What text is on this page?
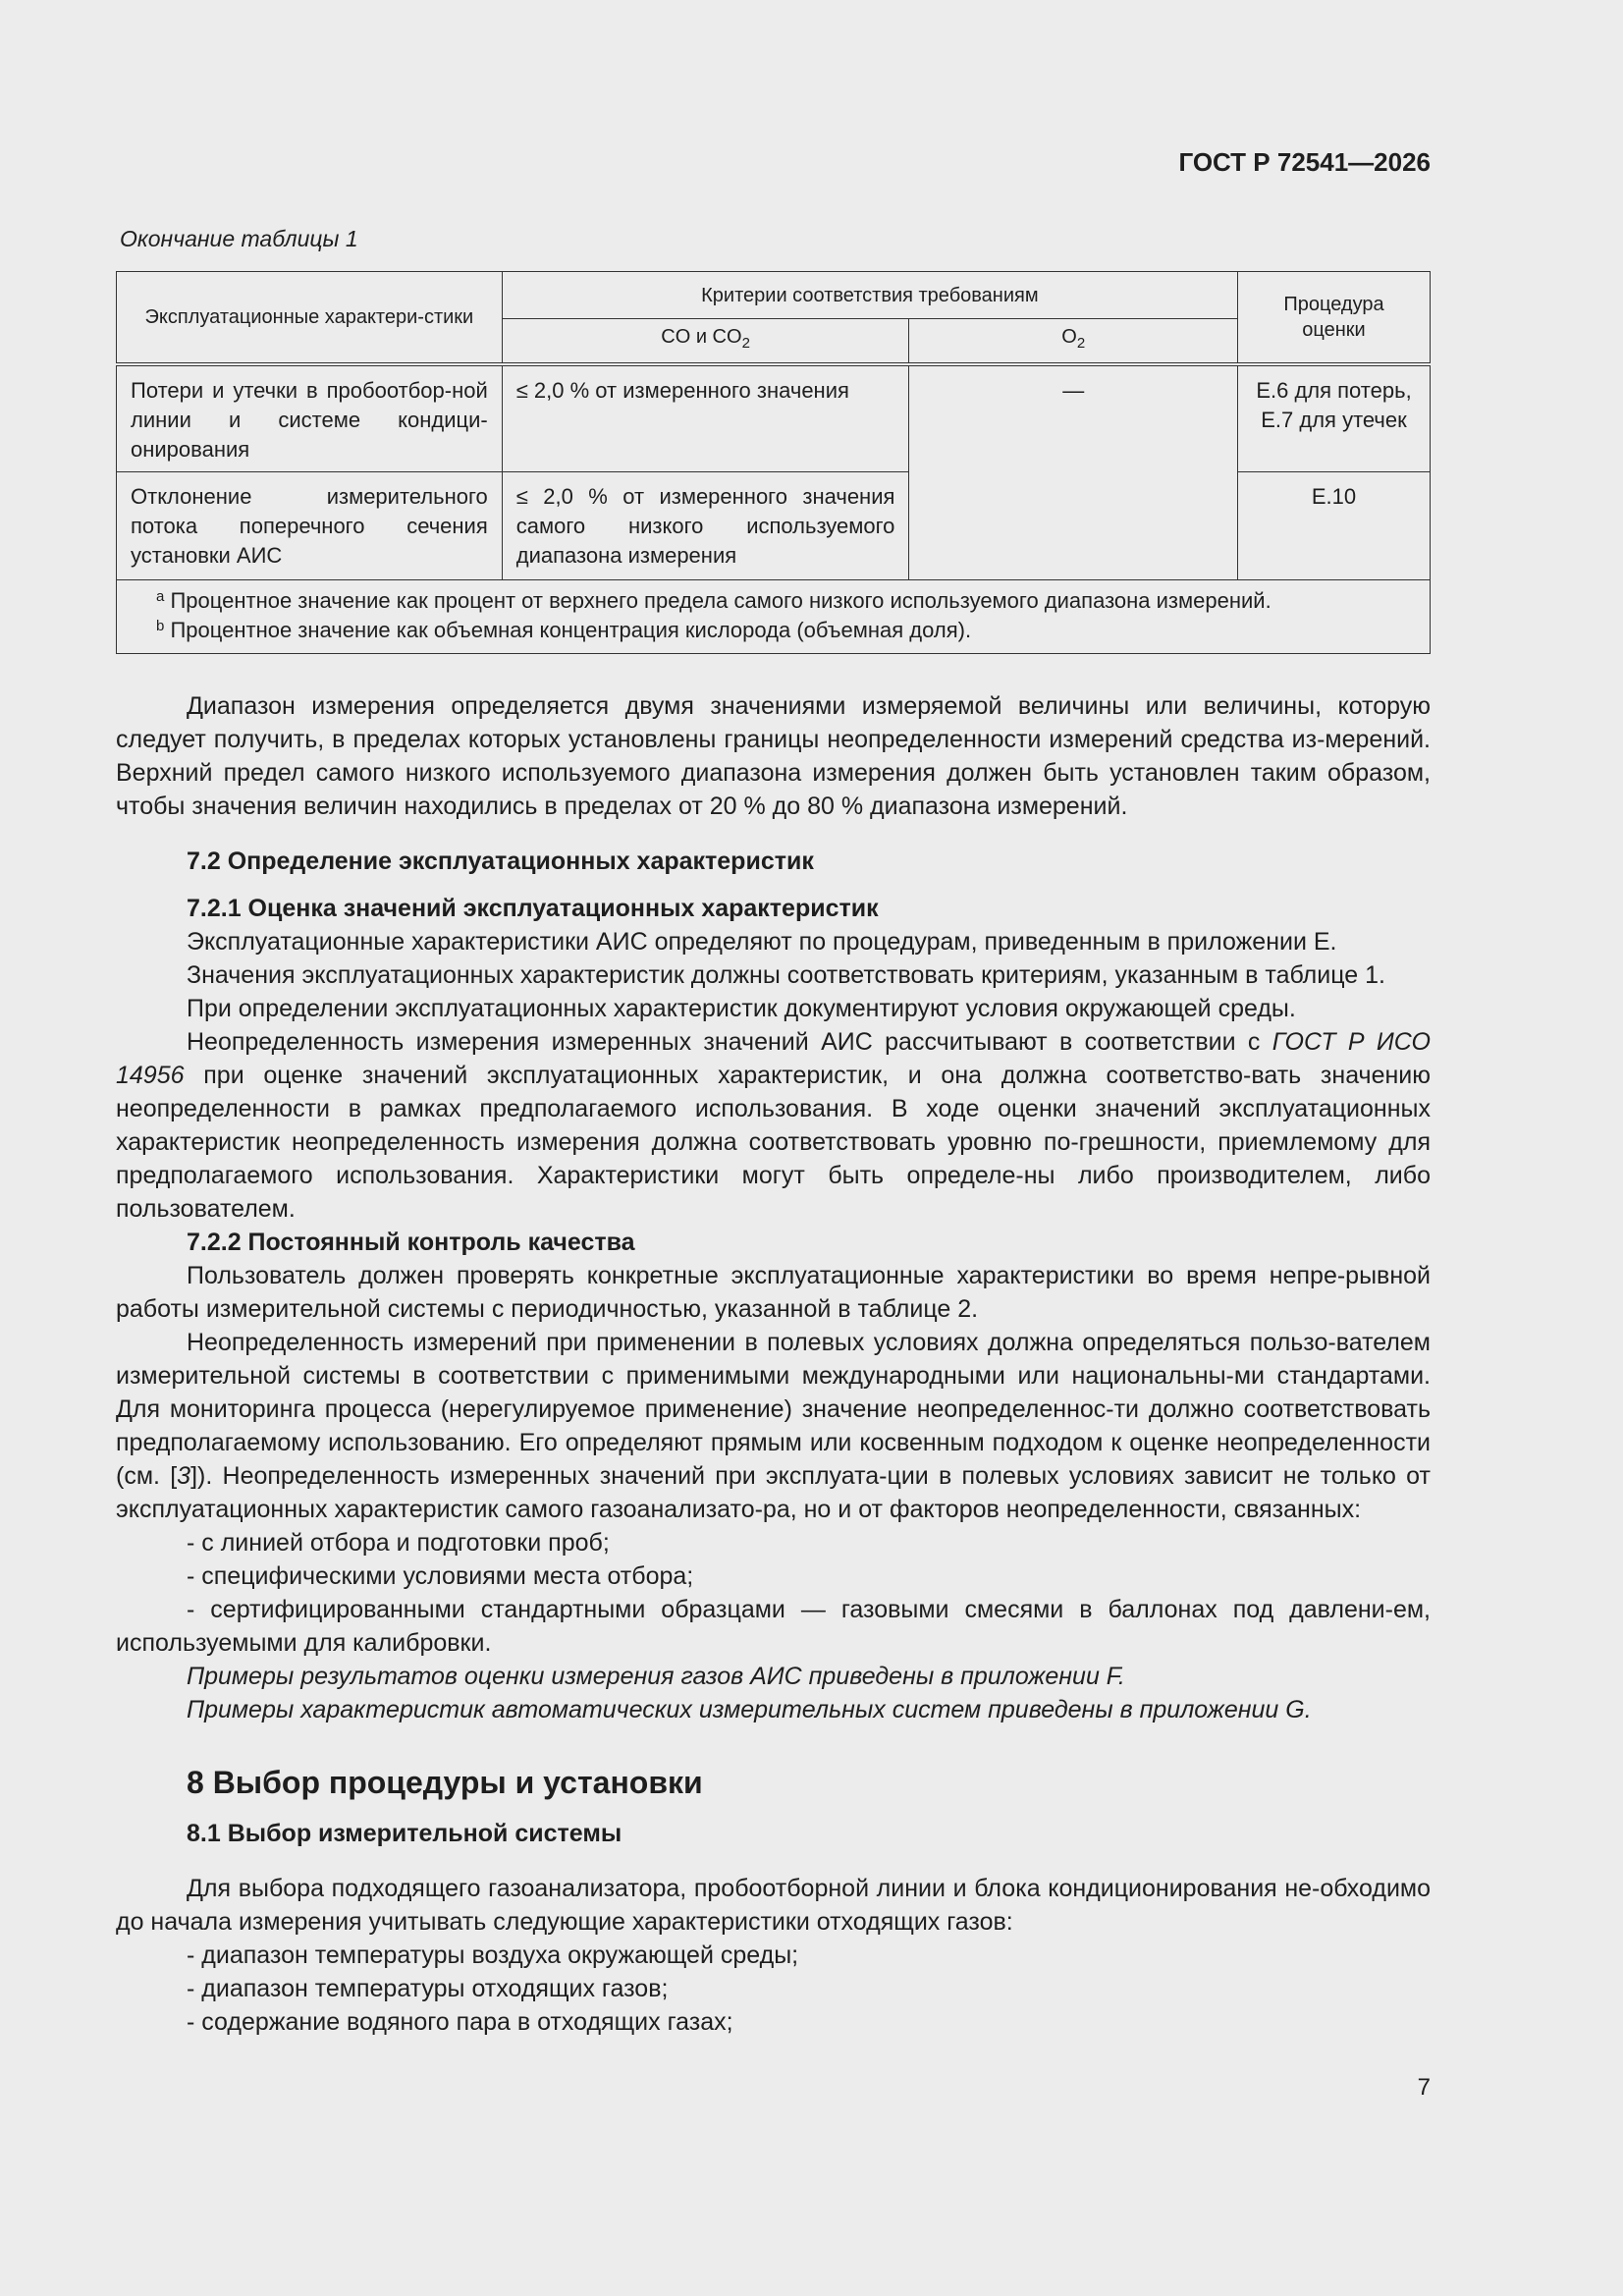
ГОСТ Р 72541—2026
Окончание таблицы 1
Эксплуатационные характери-стики	Критерии соответствия требованиям		Процедура оценки

	CO и $CO_2$	$O_2$

Потери и утечки в пробоотбор-ной линии и системе кондици-онирования	≤ 2,0 % от измеренного значения	—	E.6 для потерь, E.7 для утечек

Отклонение измерительного потока поперечного сечения установки АИС	≤ 2,0 % от измеренного значения самого низкого используемого диапазона измерения		E.10

$^a$ Процентное значение как процент от верхнего предела самого низкого используемого диапазона измерений.
$^b$ Процентное значение как объемная концентрация кислорода (объемная доля).			

Диапазон измерения определяется двумя значениями измеряемой величины или величины, которую следует получить, в пределах которых установлены границы неопределенности измерений средства из-мерений. Верхний предел самого низкого используемого диапазона измерения должен быть установлен таким образом, чтобы значения величин находились в пределах от 20 % до 80 % диапазона измерений.

7.2 Определение эксплуатационных характеристик
7.2.1 Оценка значений эксплуатационных характеристик

Эксплуатационные характеристики АИС определяют по процедурам, приведенным в приложении Е.

Значения эксплуатационных характеристик должны соответствовать критериям, указанным в таблице 1.

При определении эксплуатационных характеристик документируют условия окружающей среды.

Неопределенность измерения измеренных значений АИС рассчитывают в соответствии с ГОСТ Р ИСО 14956 при оценке значений эксплуатационных характеристик, и она должна соответство-вать значению неопределенности в рамках предполагаемого использования. В ходе оценки значений эксплуатационных характеристик неопределенность измерения должна соответствовать уровню по-грешности, приемлемому для предполагаемого использования. Характеристики могут быть определе-ны либо производителем, либо пользователем.

7.2.2 Постоянный контроль качества

Пользователь должен проверять конкретные эксплуатационные характеристики во время непре-рывной работы измерительной системы с периодичностью, указанной в таблице 2.

Неопределенность измерений при применении в полевых условиях должна определяться пользо-вателем измерительной системы в соответствии с применимыми международными или национальны-ми стандартами. Для мониторинга процесса (нерегулируемое применение) значение неопределеннос-ти должно соответствовать предполагаемому использованию. Его определяют прямым или косвенным подходом к оценке неопределенности (см. [3]). Неопределенность измеренных значений при эксплуата-ции в полевых условиях зависит не только от эксплуатационных характеристик самого газоанализато-ра, но и от факторов неопределенности, связанных:

- с линией отбора и подготовки проб;

- специфическими условиями места отбора;

- сертифицированными стандартными образцами — газовыми смесями в баллонах под давлени-ем, используемыми для калибровки.

Примеры результатов оценки измерения газов АИС приведены в приложении F.

Примеры характеристик автоматических измерительных систем приведены в приложении G.

8 Выбор процедуры и установки
8.1 Выбор измерительной системы

Для выбора подходящего газоанализатора, пробоотборной линии и блока кондиционирования не-обходимо до начала измерения учитывать следующие характеристики отходящих газов:

- диапазон температуры воздуха окружающей среды;

- диапазон температуры отходящих газов;

- содержание водяного пара в отходящих газах;

7
